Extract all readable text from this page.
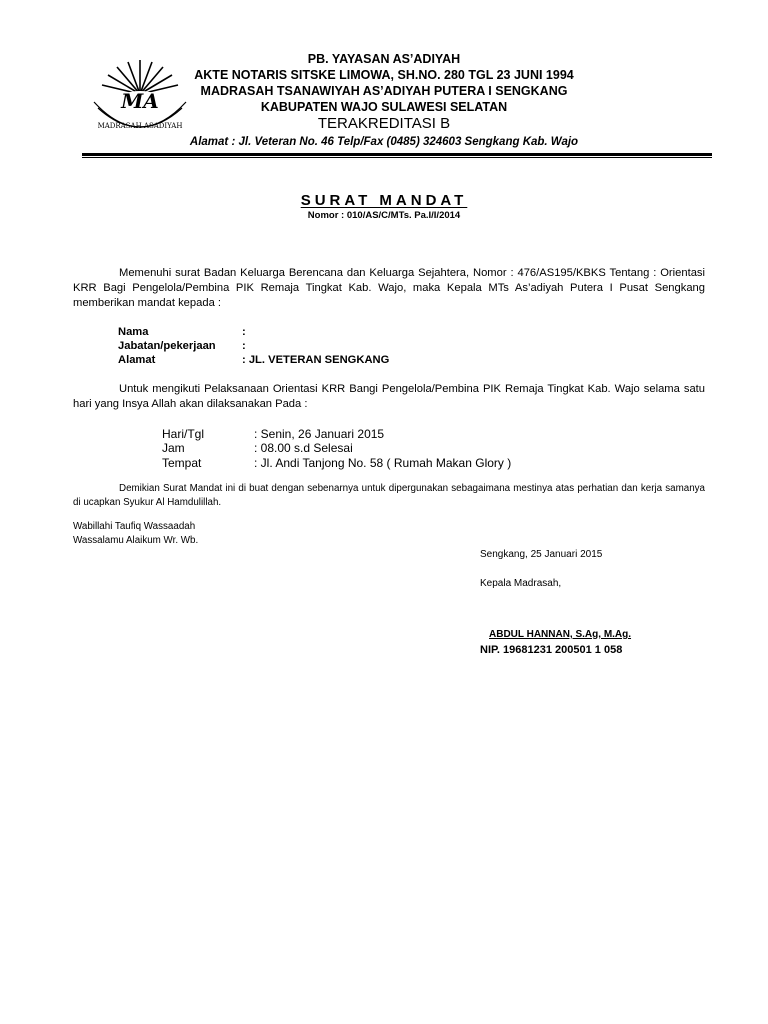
MA
MADRASAH ASADIYAH
PB. YAYASAN AS’ADIYAH
AKTE NOTARIS SITSKE LIMOWA, SH.NO. 280 TGL 23 JUNI 1994
MADRASAH TSANAWIYAH AS’ADIYAH PUTERA I SENGKANG
KABUPATEN WAJO SULAWESI SELATAN
TERAKREDITASI B
Alamat : Jl. Veteran No. 46 Telp/Fax (0485) 324603 Sengkang Kab. Wajo
SURAT MANDAT
Nomor : 010/AS/C/MTs. Pa.I/I/2014
Memenuhi surat Badan Keluarga Berencana dan Keluarga Sejahtera, Nomor : 476/AS195/KBKS Tentang : Orientasi KRR Bagi Pengelola/Pembina PIK Remaja Tingkat Kab. Wajo, maka Kepala MTs As’adiyah Putera I Pusat Sengkang memberikan mandat kepada :
Nama	:
Jabatan/pekerjaan :
Alamat	: JL. VETERAN SENGKANG
Untuk mengikuti Pelaksanaan Orientasi KRR Bangi Pengelola/Pembina PIK Remaja Tingkat Kab. Wajo selama satu hari yang Insya Allah akan dilaksanakan Pada :
Hari/Tgl	: Senin, 26 Januari 2015
Jam	: 08.00 s.d Selesai
Tempat	: Jl. Andi Tanjong No. 58 ( Rumah Makan Glory )
Demikian Surat Mandat ini di buat dengan sebenarnya untuk dipergunakan sebagaimana mestinya atas perhatian dan kerja samanya di ucapkan Syukur Al Hamdulillah.
Wabillahi Taufiq Wassaadah
Wassalamu Alaikum Wr. Wb.
Sengkang, 25 Januari 2015
Kepala Madrasah,
ABDUL HANNAN, S.Ag, M.Ag.
NIP. 19681231 200501 1 058
